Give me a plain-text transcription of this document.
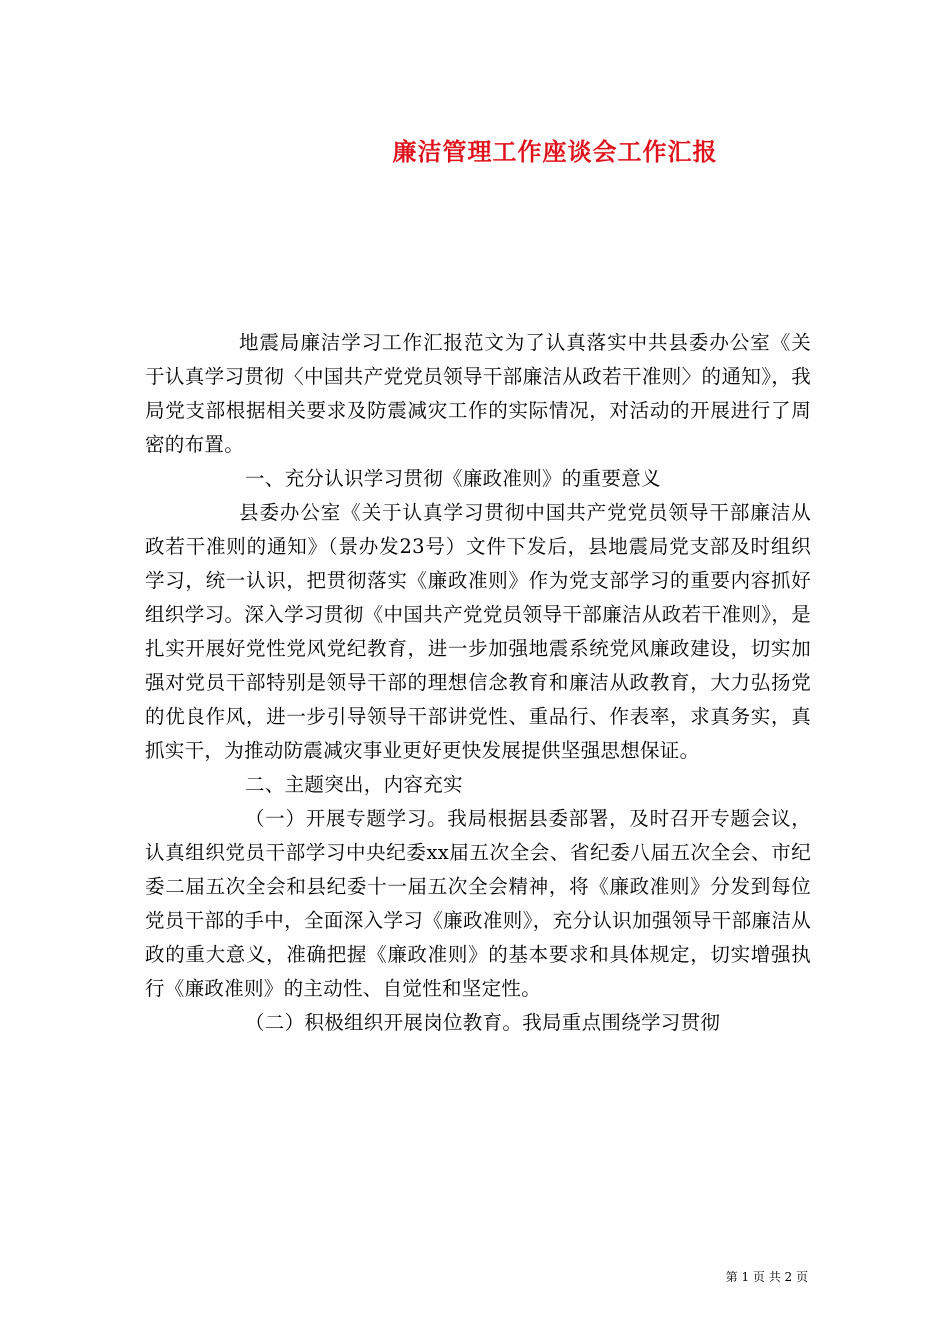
廉洁管理工作座谈会工作汇报

地震局廉洁学习工作汇报范文为了认真落实中共县委办公室《关于认真学习贯彻〈中国共产党党员领导干部廉洁从政若干准则〉的通知》，我局党支部根据相关要求及防震减灾工作的实际情况，对活动的开展进行了周密的布置。

一、充分认识学习贯彻《廉政准则》的重要意义

县委办公室《关于认真学习贯彻中国共产党党员领导干部廉洁从政若干准则的通知》（景办发23号）文件下发后，县地震局党支部及时组织学习，统一认识，把贯彻落实《廉政准则》作为党支部学习的重要内容抓好组织学习。深入学习贯彻《中国共产党党员领导干部廉洁从政若干准则》，是扎实开展好党性党风党纪教育，进一步加强地震系统党风廉政建设，切实加强对党员干部特别是领导干部的理想信念教育和廉洁从政教育，大力弘扬党的优良作风，进一步引导领导干部讲党性、重品行、作表率，求真务实，真抓实干，为推动防震减灾事业更好更快发展提供坚强思想保证。

二、主题突出，内容充实

（一）开展专题学习。我局根据县委部署，及时召开专题会议，认真组织党员干部学习中央纪委xx届五次全会、省纪委八届五次全会、市纪委二届五次全会和县纪委十一届五次全会精神，将《廉政准则》分发到每位党员干部的手中，全面深入学习《廉政准则》，充分认识加强领导干部廉洁从政的重大意义，准确把握《廉政准则》的基本要求和具体规定，切实增强执行《廉政准则》的主动性、自觉性和坚定性。

（二）积极组织开展岗位教育。我局重点围绕学习贯彻

第 1 页 共 2 页
